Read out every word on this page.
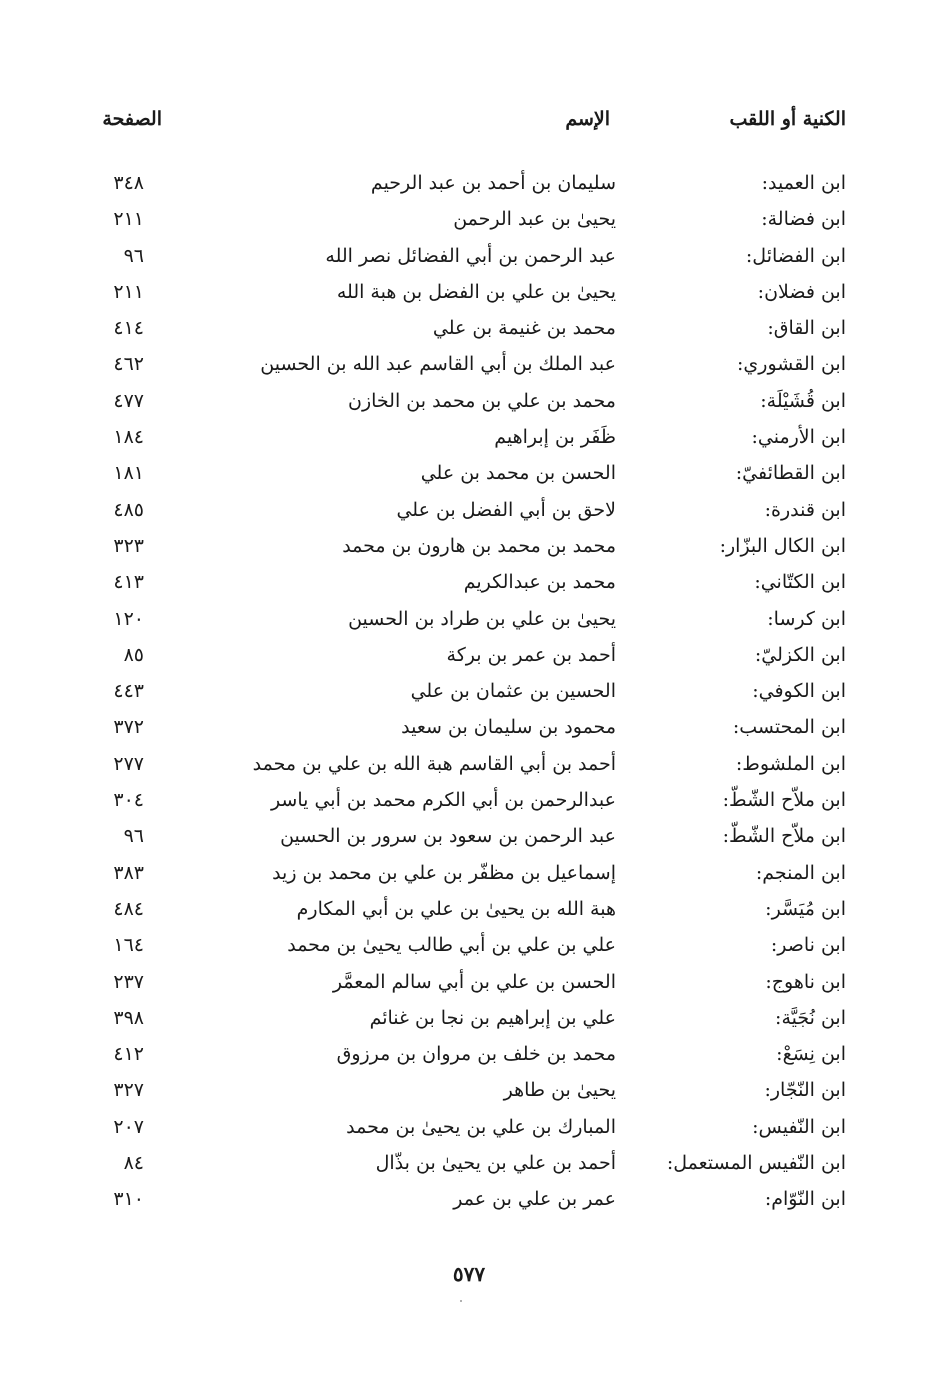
الكنية أو اللقب
الإسم
الصفحة
ابن العميد:
سليمان بن أحمد بن عبد الرحيم
٣٤٨
ابن فضالة:
يحيىٰ بن عبد الرحمن
٢١١
ابن الفضائل:
عبد الرحمن بن أبي الفضائل نصر الله
٩٦
ابن فضلان:
يحيىٰ بن علي بن الفضل بن هبة الله
٢١١
ابن القاق:
محمد بن غنيمة بن علي
٤١٤
ابن القشوري:
عبد الملك بن أبي القاسم عبد الله بن الحسين
٤٦٢
ابن قُشَيْلَة:
محمد بن علي بن محمد بن الخازن
٤٧٧
ابن الأرمني:
ظَفَر بن إبراهيم
١٨٤
ابن القطائفيّ:
الحسن بن محمد بن علي
١٨١
ابن قندرة:
لاحق بن أبي الفضل بن علي
٤٨٥
ابن الكال البزّار:
محمد بن محمد بن هارون بن محمد
٣٢٣
ابن الكتّاني:
محمد بن عبدالكريم
٤١٣
ابن كرسا:
يحيىٰ بن علي بن طراد بن الحسين
١٢٠
ابن الكزليّ:
أحمد بن عمر بن بركة
٨٥
ابن الكوفي:
الحسين بن عثمان بن علي
٤٤٣
ابن المحتسب:
محمود بن سليمان بن سعيد
٣٧٢
ابن الملشوط:
أحمد بن أبي القاسم هبة الله بن علي بن محمد
٢٧٧
ابن ملاّح الشّطّ:
عبدالرحمن بن أبي الكرم محمد بن أبي ياسر
٣٠٤
ابن ملاّح الشّطّ:
عبد الرحمن بن سعود بن سرور بن الحسين
٩٦
ابن المنجم:
إسماعيل بن مظفّر بن علي بن محمد بن زيد
٣٨٣
ابن مُيَسَّر:
هبة الله بن يحيىٰ بن علي بن أبي المكارم
٤٨٤
ابن ناصر:
علي بن علي بن أبي طالب يحيىٰ بن محمد
١٦٤
ابن ناهوج:
الحسن بن علي بن أبي سالم المعمَّر
٢٣٧
ابن نُجَيَّة:
علي بن إبراهيم بن نجا بن غنائم
٣٩٨
ابن نِسَعْ:
محمد بن خلف بن مروان بن مرزوق
٤١٢
ابن النّجّار:
يحيىٰ بن طاهر
٣٢٧
ابن النّفيس:
المبارك بن علي بن يحيىٰ بن محمد
٢٠٧
ابن النّفيس المستعمل:
أحمد بن علي بن يحيىٰ بن بذّال
٨٤
ابن النّوّام:
عمر بن علي بن عمر
٣١٠
٥٧٧
